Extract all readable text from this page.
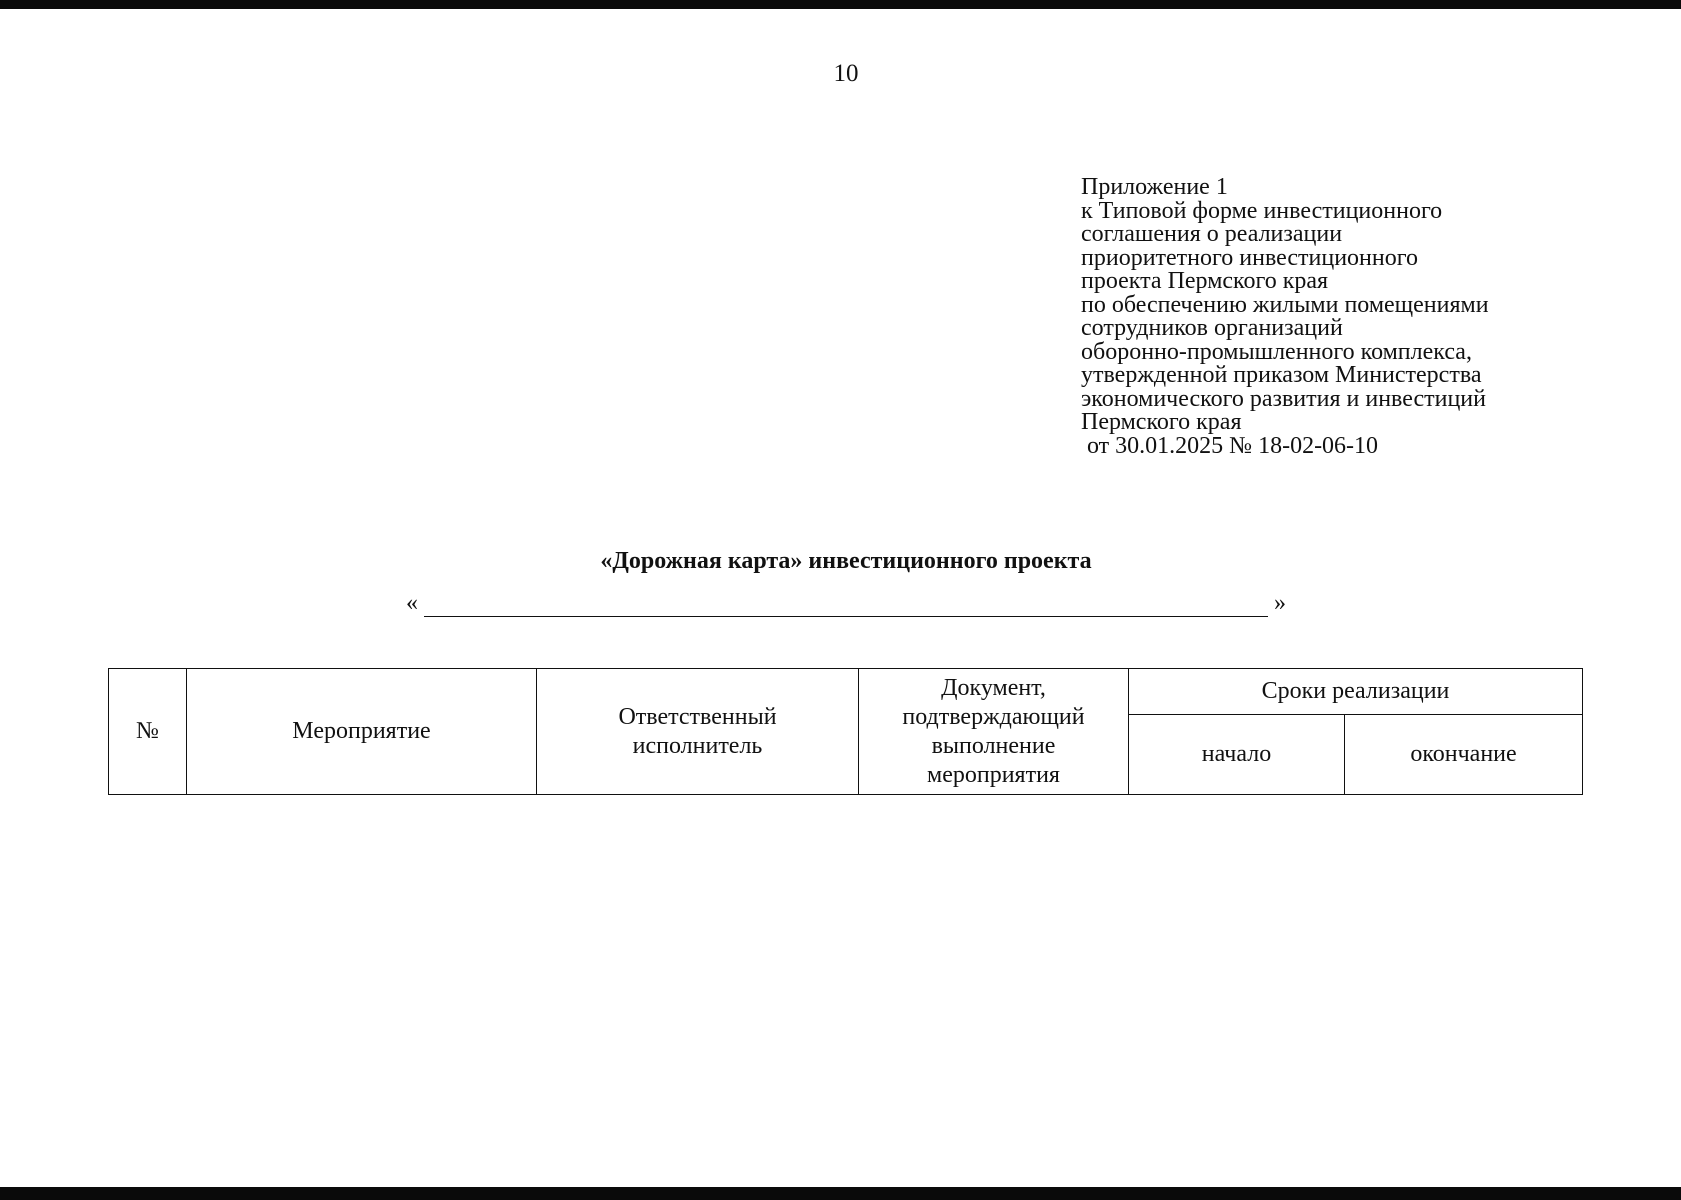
10
Приложение 1
к Типовой форме инвестиционного
соглашения о реализации
приоритетного инвестиционного
проекта Пермского края
по обеспечению жилыми помещениями
сотрудников организаций
оборонно-промышленного комплекса,
утвержденной приказом Министерства
экономического развития и инвестиций
Пермского края
от 30.01.2025 № 18-02-06-10
«Дорожная карта» инвестиционного проекта
«	»
№	Мероприятие	Ответственный исполнитель	Документ, подтверждающий выполнение мероприятия	Сроки реализации	
				начало	окончание
